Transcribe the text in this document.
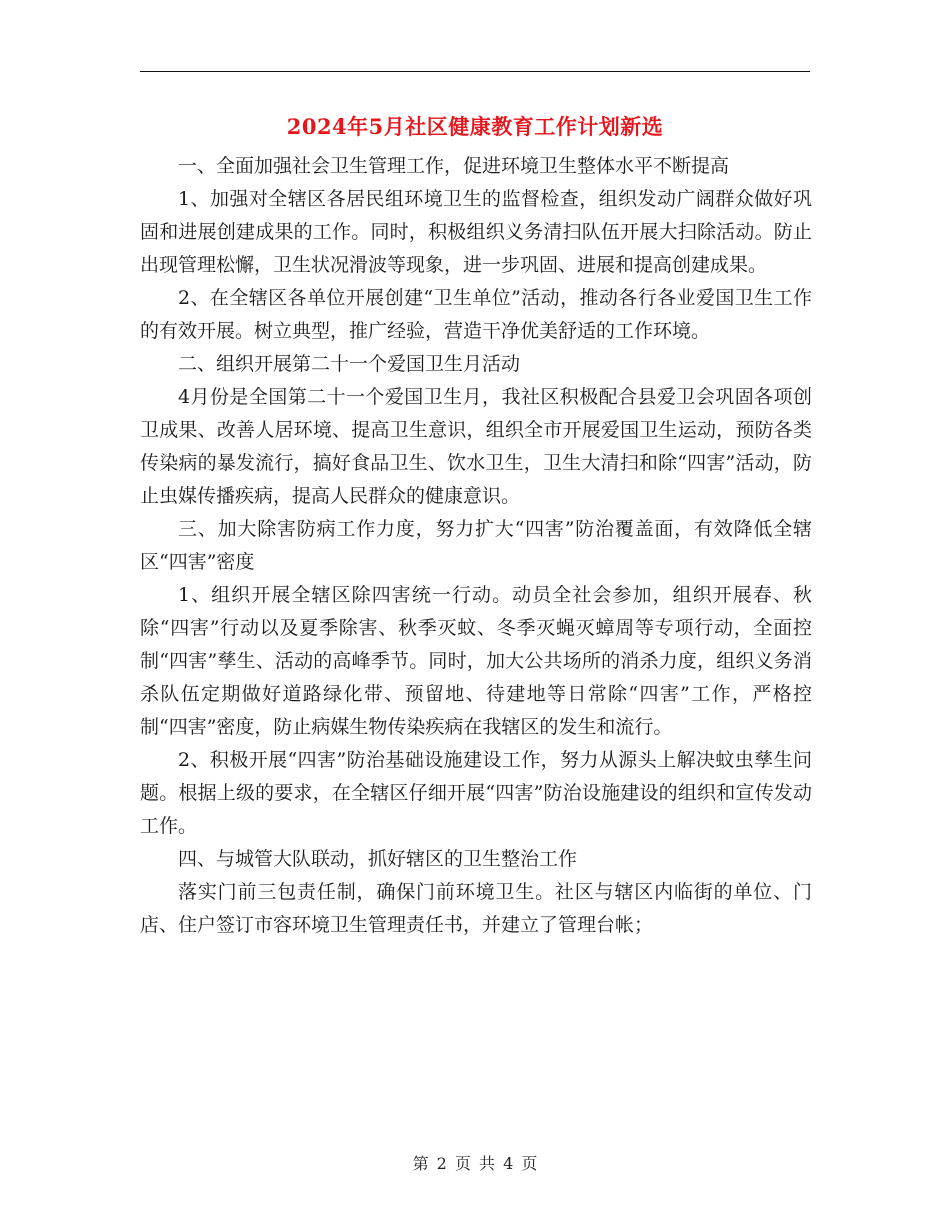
2024年5月社区健康教育工作计划新选

一、全面加强社会卫生管理工作，促进环境卫生整体水平不断提高

1、加强对全辖区各居民组环境卫生的监督检查，组织发动广阔群众做好巩固和进展创建成果的工作。同时，积极组织义务清扫队伍开展大扫除活动。防止出现管理松懈，卫生状况滑波等现象，进一步巩固、进展和提高创建成果。

2、在全辖区各单位开展创建“卫生单位”活动，推动各行各业爱国卫生工作的有效开展。树立典型，推广经验，营造干净优美舒适的工作环境。

二、组织开展第二十一个爱国卫生月活动

4月份是全国第二十一个爱国卫生月，我社区积极配合县爱卫会巩固各项创卫成果、改善人居环境、提高卫生意识，组织全市开展爱国卫生运动，预防各类传染病的暴发流行，搞好食品卫生、饮水卫生，卫生大清扫和除“四害”活动，防止虫媒传播疾病，提高人民群众的健康意识。

三、加大除害防病工作力度，努力扩大“四害”防治覆盖面，有效降低全辖区“四害”密度

1、组织开展全辖区除四害统一行动。动员全社会参加，组织开展春、秋除“四害”行动以及夏季除害、秋季灭蚊、冬季灭蝇灭蟑周等专项行动，全面控制“四害”孳生、活动的高峰季节。同时，加大公共场所的消杀力度，组织义务消杀队伍定期做好道路绿化带、预留地、待建地等日常除“四害”工作，严格控制“四害”密度，防止病媒生物传染疾病在我辖区的发生和流行。

2、积极开展“四害”防治基础设施建设工作，努力从源头上解决蚊虫孳生问题。根据上级的要求，在全辖区仔细开展“四害”防治设施建设的组织和宣传发动工作。

四、与城管大队联动，抓好辖区的卫生整治工作

落实门前三包责任制，确保门前环境卫生。社区与辖区内临街的单位、门店、住户签订市容环境卫生管理责任书，并建立了管理台帐；

第 2 页 共 4 页
